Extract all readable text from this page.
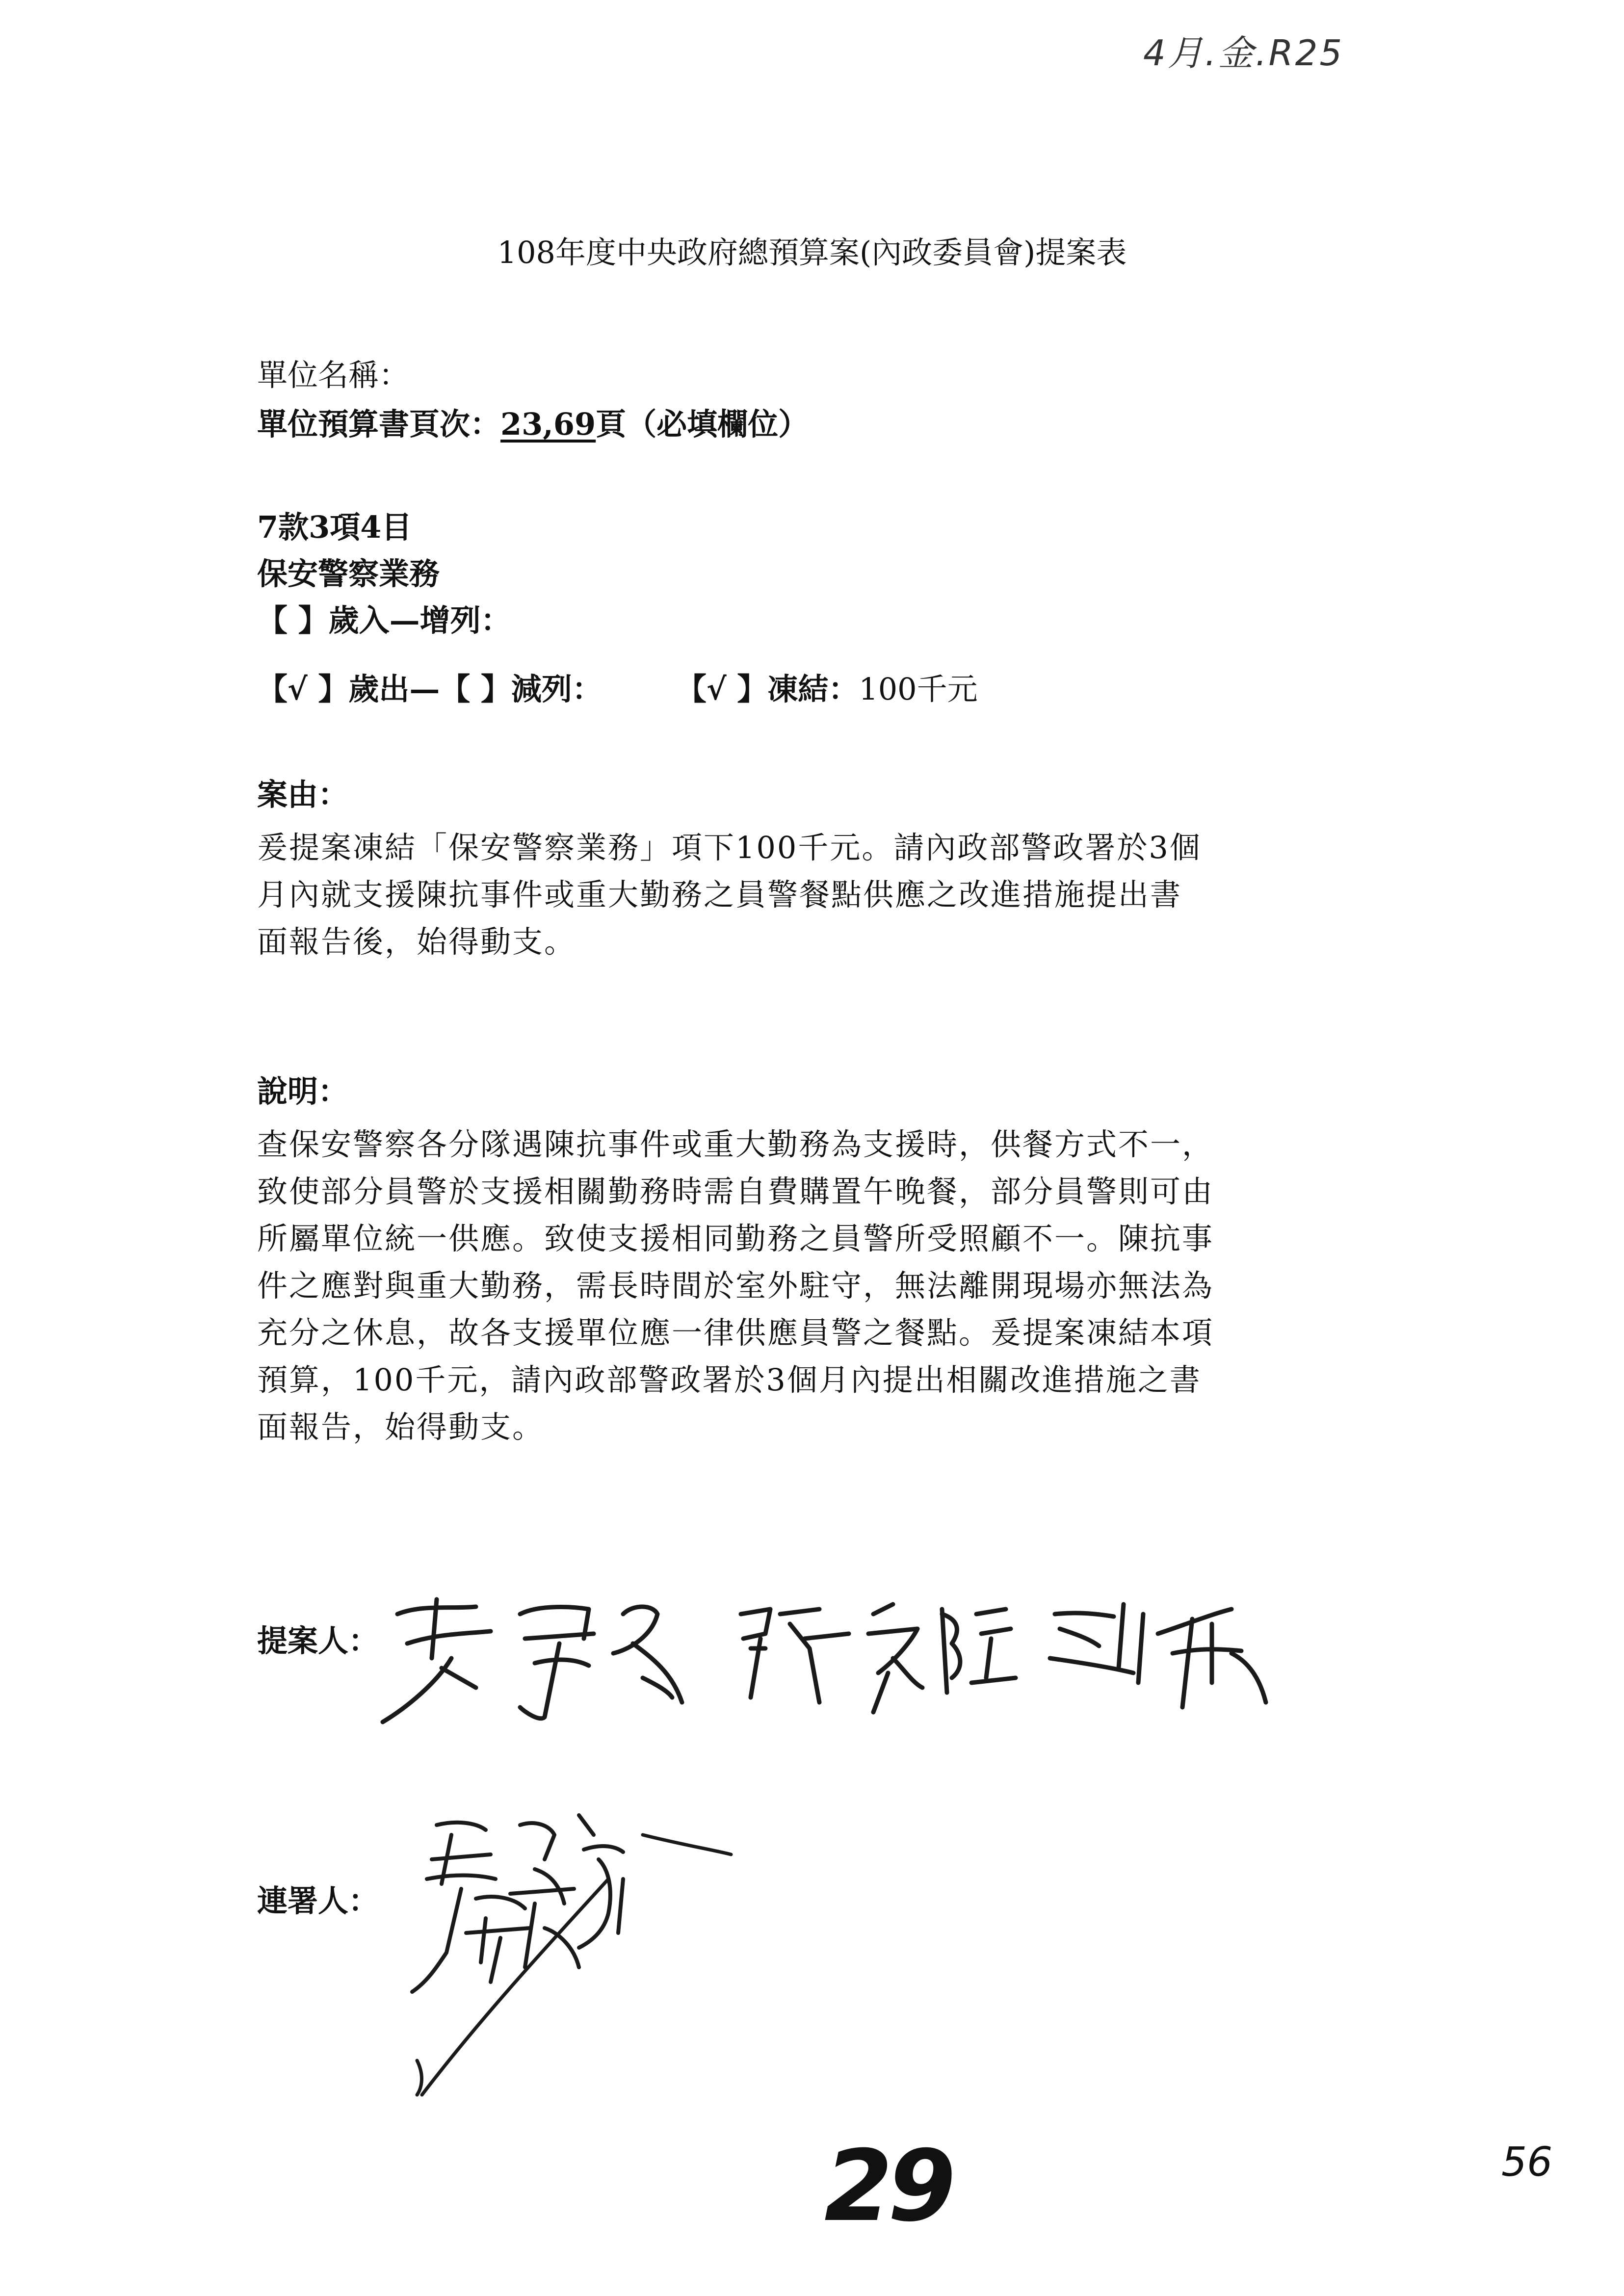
4月.金.R25
108年度中央政府總預算案(內政委員會)提案表
單位名稱：
單位預算書頁次：23,69頁（必填欄位）
7款3項4目
保安警察業務
【 】歲入—增列：
【√ 】歲出—【 】減列： 【√ 】凍結：100千元
案由：
爰提案凍結「保安警察業務」項下100千元。請內政部警政署於3個
月內就支援陳抗事件或重大勤務之員警餐點供應之改進措施提出書
面報告後，始得動支。
說明：
查保安警察各分隊遇陳抗事件或重大勤務為支援時，供餐方式不一，
致使部分員警於支援相關勤務時需自費購置午晚餐，部分員警則可由
所屬單位統一供應。致使支援相同勤務之員警所受照顧不一。陳抗事
件之應對與重大勤務，需長時間於室外駐守，無法離開現場亦無法為
充分之休息，故各支援單位應一律供應員警之餐點。爰提案凍結本項
預算，100千元，請內政部警政署於3個月內提出相關改進措施之書
面報告，始得動支。
提案人：
連署人：
29	56
